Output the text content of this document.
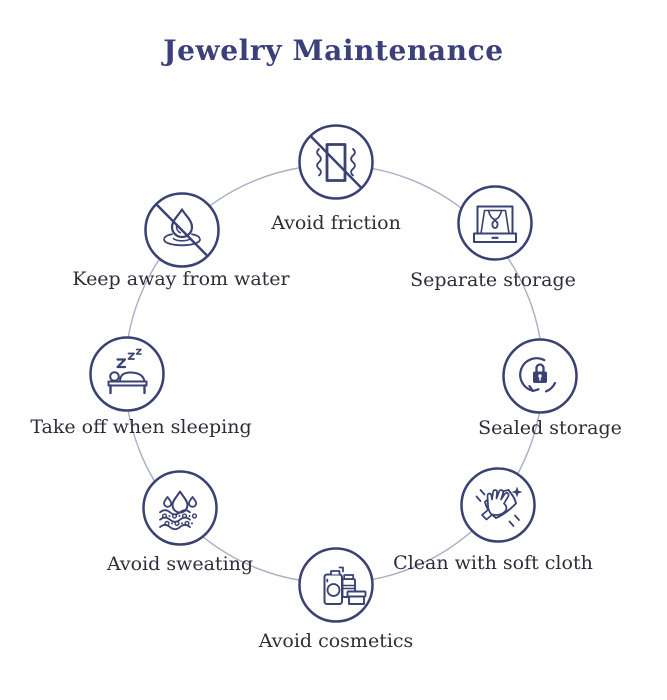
Jewelry Maintenance
Avoid friction
Separate storage
Sealed storage
Clean with soft cloth
Avoid cosmetics
Avoid sweating
Take off when sleeping
Keep away from water
